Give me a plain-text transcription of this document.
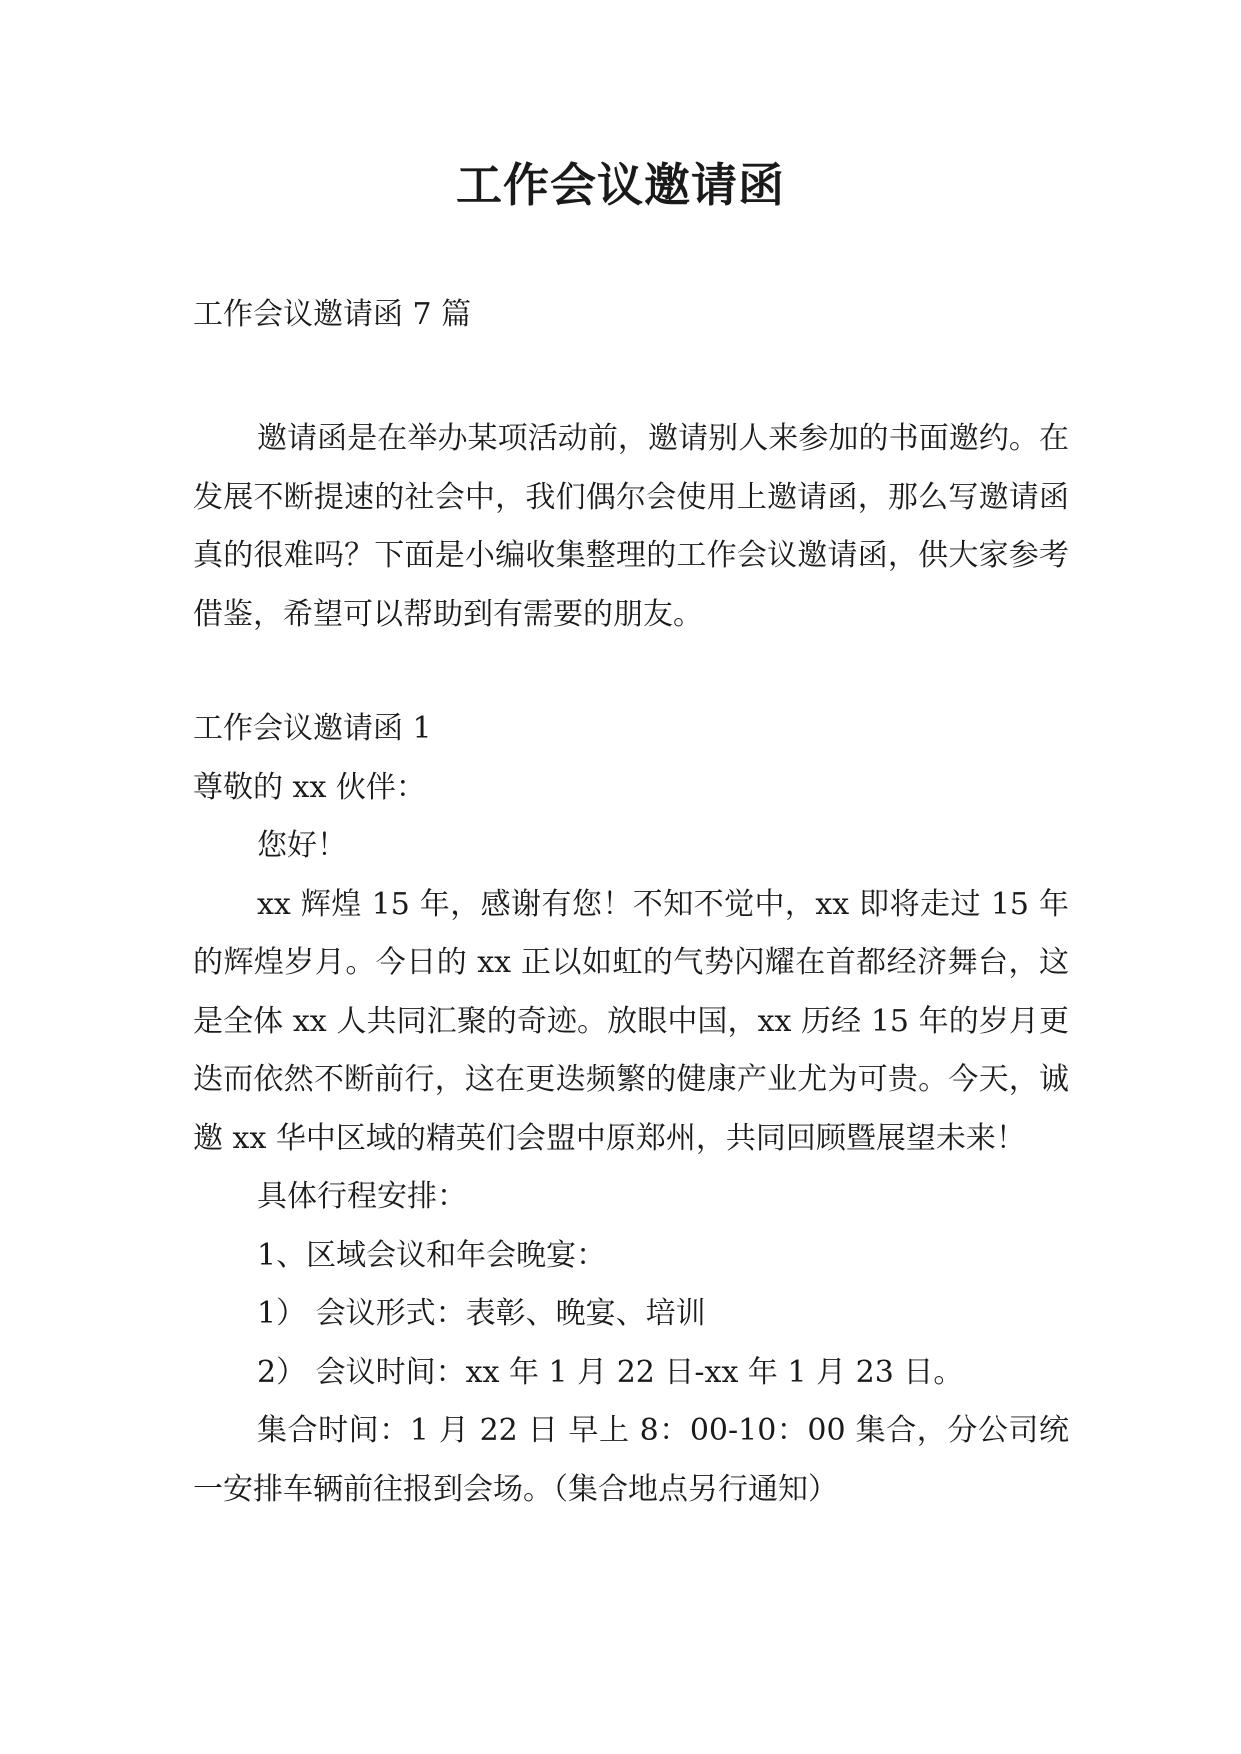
工作会议邀请函

工作会议邀请函 7 篇

邀请函是在举办某项活动前，邀请别人来参加的书面邀约。在发展不断提速的社会中，我们偶尔会使用上邀请函，那么写邀请函真的很难吗？下面是小编收集整理的工作会议邀请函，供大家参考借鉴，希望可以帮助到有需要的朋友。

工作会议邀请函 1

尊敬的 xx 伙伴：

您好！

xx 辉煌 15 年，感谢有您！不知不觉中，xx 即将走过 15 年的辉煌岁月。今日的 xx 正以如虹的气势闪耀在首都经济舞台，这是全体 xx 人共同汇聚的奇迹。放眼中国，xx 历经 15 年的岁月更迭而依然不断前行，这在更迭频繁的健康产业尤为可贵。今天，诚邀 xx 华中区域的精英们会盟中原郑州，共同回顾暨展望未来！

具体行程安排：

1、区域会议和年会晚宴：

1） 会议形式：表彰、晚宴、培训

2） 会议时间：xx 年 1 月 22 日-xx 年 1 月 23 日。

集合时间：1 月 22 日 早上 8：00-10：00 集合，分公司统一安排车辆前往报到会场。（集合地点另行通知）
